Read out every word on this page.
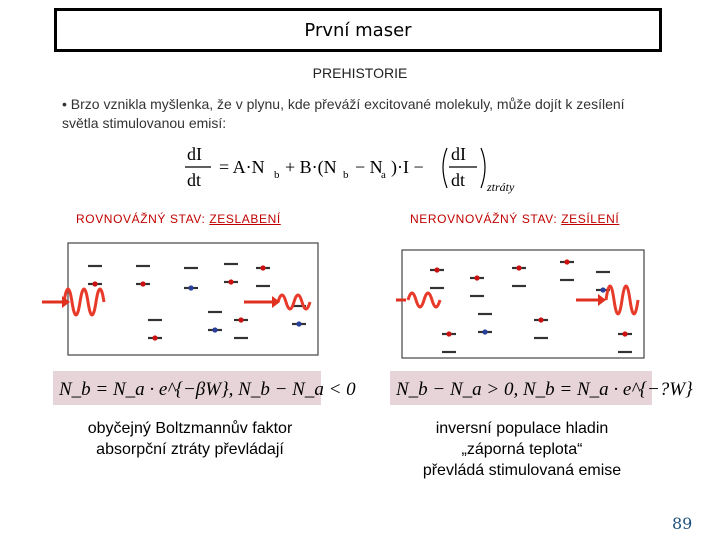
První maser
PREHISTORIE
• Brzo vznikla myšlenka, že v plynu, kde převáží excitované molekuly, může dojít k zesílení světla stimulovanou emisí:
dI
dt
= A·N b + B·(N b − N
a )·I −
dI
dt ztráty
ROVNOVÁŽNÝ STAV: ZESLABENÍ	NEROVNOVÁŽNÝ STAV: ZESÍLENÍ
N_b = N_a · e^{−βW}, N_b − N_a < 0 N_b − N_a > 0, N_b = N_a · e^{−?W}
obyčejný Boltzmannův faktor
absorpční ztráty převládají
inversní populace hladin
„záporná teplota“
převládá stimulovaná emise
89
